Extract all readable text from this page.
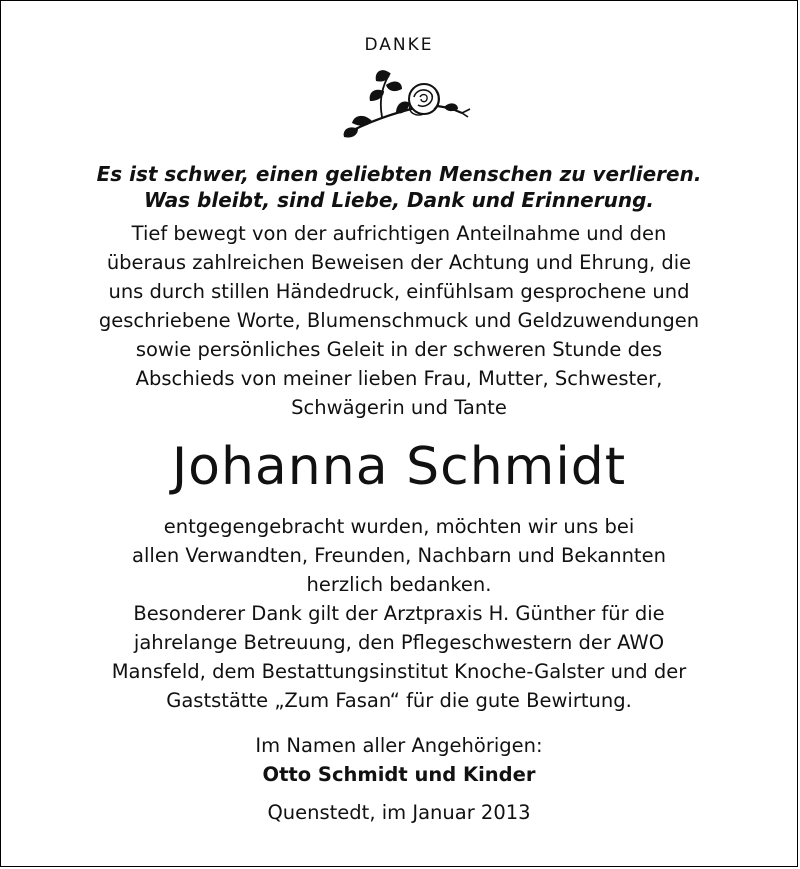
DANKE
Es ist schwer, einen geliebten Menschen zu verlieren.
Was bleibt, sind Liebe, Dank und Erinnerung.
Tief bewegt von der aufrichtigen Anteilnahme und den
überaus zahlreichen Beweisen der Achtung und Ehrung, die
uns durch stillen Händedruck, einfühlsam gesprochene und
geschriebene Worte, Blumenschmuck und Geldzuwendungen
sowie persönliches Geleit in der schweren Stunde des
Abschieds von meiner lieben Frau, Mutter, Schwester,
Schwägerin und Tante
Johanna Schmidt
entgegengebracht wurden, möchten wir uns bei
allen Verwandten, Freunden, Nachbarn und Bekannten
herzlich bedanken.
Besonderer Dank gilt der Arztpraxis H. Günther für die
jahrelange Betreuung, den Pflegeschwestern der AWO
Mansfeld, dem Bestattungsinstitut Knoche-Galster und der
Gaststätte „Zum Fasan“ für die gute Bewirtung.
Im Namen aller Angehörigen:
Otto Schmidt und Kinder
Quenstedt, im Januar 2013
